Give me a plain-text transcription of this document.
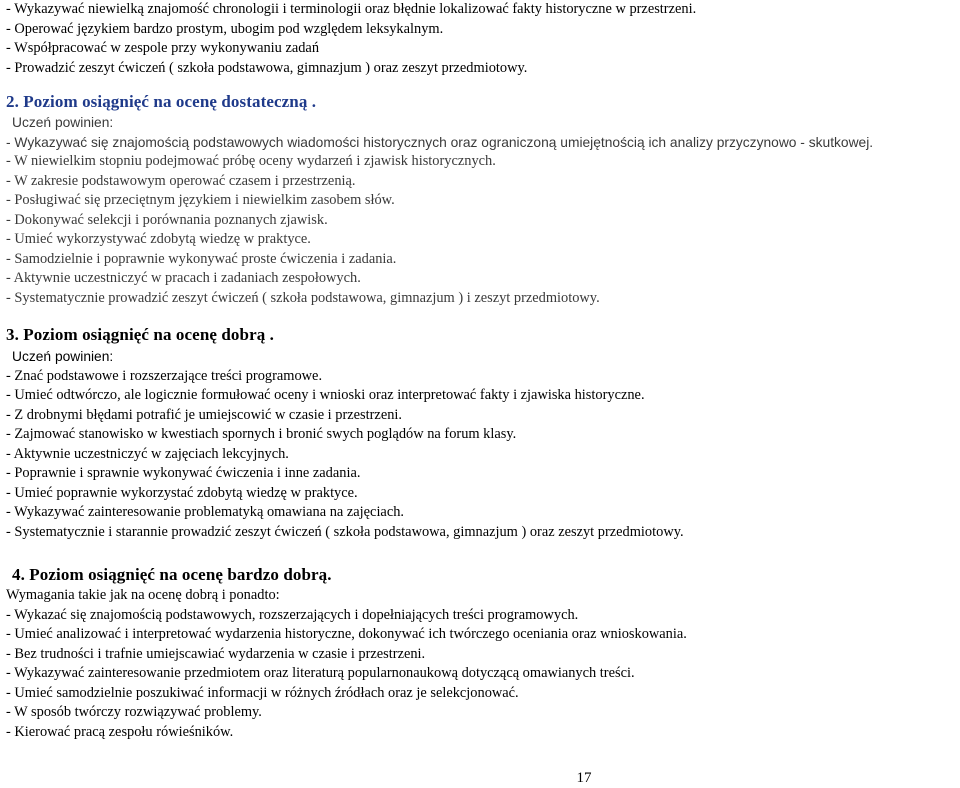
- Wykazywać niewielką znajomość chronologii i terminologii oraz błędnie lokalizować fakty historyczne w przestrzeni.
- Operować językiem bardzo prostym, ubogim pod względem leksykalnym.
- Współpracować w zespole przy wykonywaniu zadań
- Prowadzić zeszyt ćwiczeń ( szkoła podstawowa, gimnazjum ) oraz zeszyt przedmiotowy.
2. Poziom osiągnięć na ocenę dostateczną .
Uczeń powinien:
- Wykazywać się znajomością podstawowych wiadomości historycznych oraz ograniczoną umiejętnością ich analizy przyczynowo - skutkowej.
- W niewielkim stopniu podejmować próbę oceny wydarzeń i zjawisk historycznych.
- W zakresie podstawowym operować czasem i przestrzenią.
- Posługiwać się przeciętnym językiem i niewielkim zasobem słów.
- Dokonywać selekcji i porównania poznanych zjawisk.
- Umieć wykorzystywać zdobytą wiedzę w praktyce.
- Samodzielnie i poprawnie wykonywać proste ćwiczenia i zadania.
- Aktywnie uczestniczyć w pracach i zadaniach zespołowych.
- Systematycznie prowadzić zeszyt ćwiczeń ( szkoła podstawowa, gimnazjum ) i zeszyt przedmiotowy.
3. Poziom osiągnięć na ocenę dobrą .
Uczeń powinien:
- Znać podstawowe i rozszerzające treści programowe.
- Umieć odtwórczo, ale logicznie formułować oceny i wnioski oraz interpretować fakty i zjawiska historyczne.
- Z drobnymi błędami potrafić je umiejscowić w czasie i przestrzeni.
- Zajmować stanowisko w kwestiach spornych i bronić swych poglądów na forum klasy.
- Aktywnie uczestniczyć w zajęciach lekcyjnych.
- Poprawnie i sprawnie wykonywać ćwiczenia i inne zadania.
- Umieć poprawnie wykorzystać zdobytą wiedzę w praktyce.
- Wykazywać zainteresowanie problematyką omawiana na zajęciach.
- Systematycznie i starannie prowadzić zeszyt ćwiczeń ( szkoła podstawowa, gimnazjum ) oraz zeszyt przedmiotowy.
4. Poziom osiągnięć na ocenę bardzo dobrą.
Wymagania takie jak na ocenę dobrą i ponadto:
- Wykazać się znajomością podstawowych, rozszerzających i dopełniających treści programowych.
- Umieć analizować i interpretować wydarzenia historyczne, dokonywać ich twórczego oceniania oraz wnioskowania.
- Bez trudności i trafnie umiejscawiać wydarzenia w czasie i przestrzeni.
- Wykazywać zainteresowanie przedmiotem oraz literaturą popularnonaukową dotyczącą omawianych treści.
- Umieć samodzielnie poszukiwać informacji w różnych źródłach oraz je selekcjonować.
- W sposób twórczy rozwiązywać problemy.
- Kierować pracą zespołu rówieśników.
17
